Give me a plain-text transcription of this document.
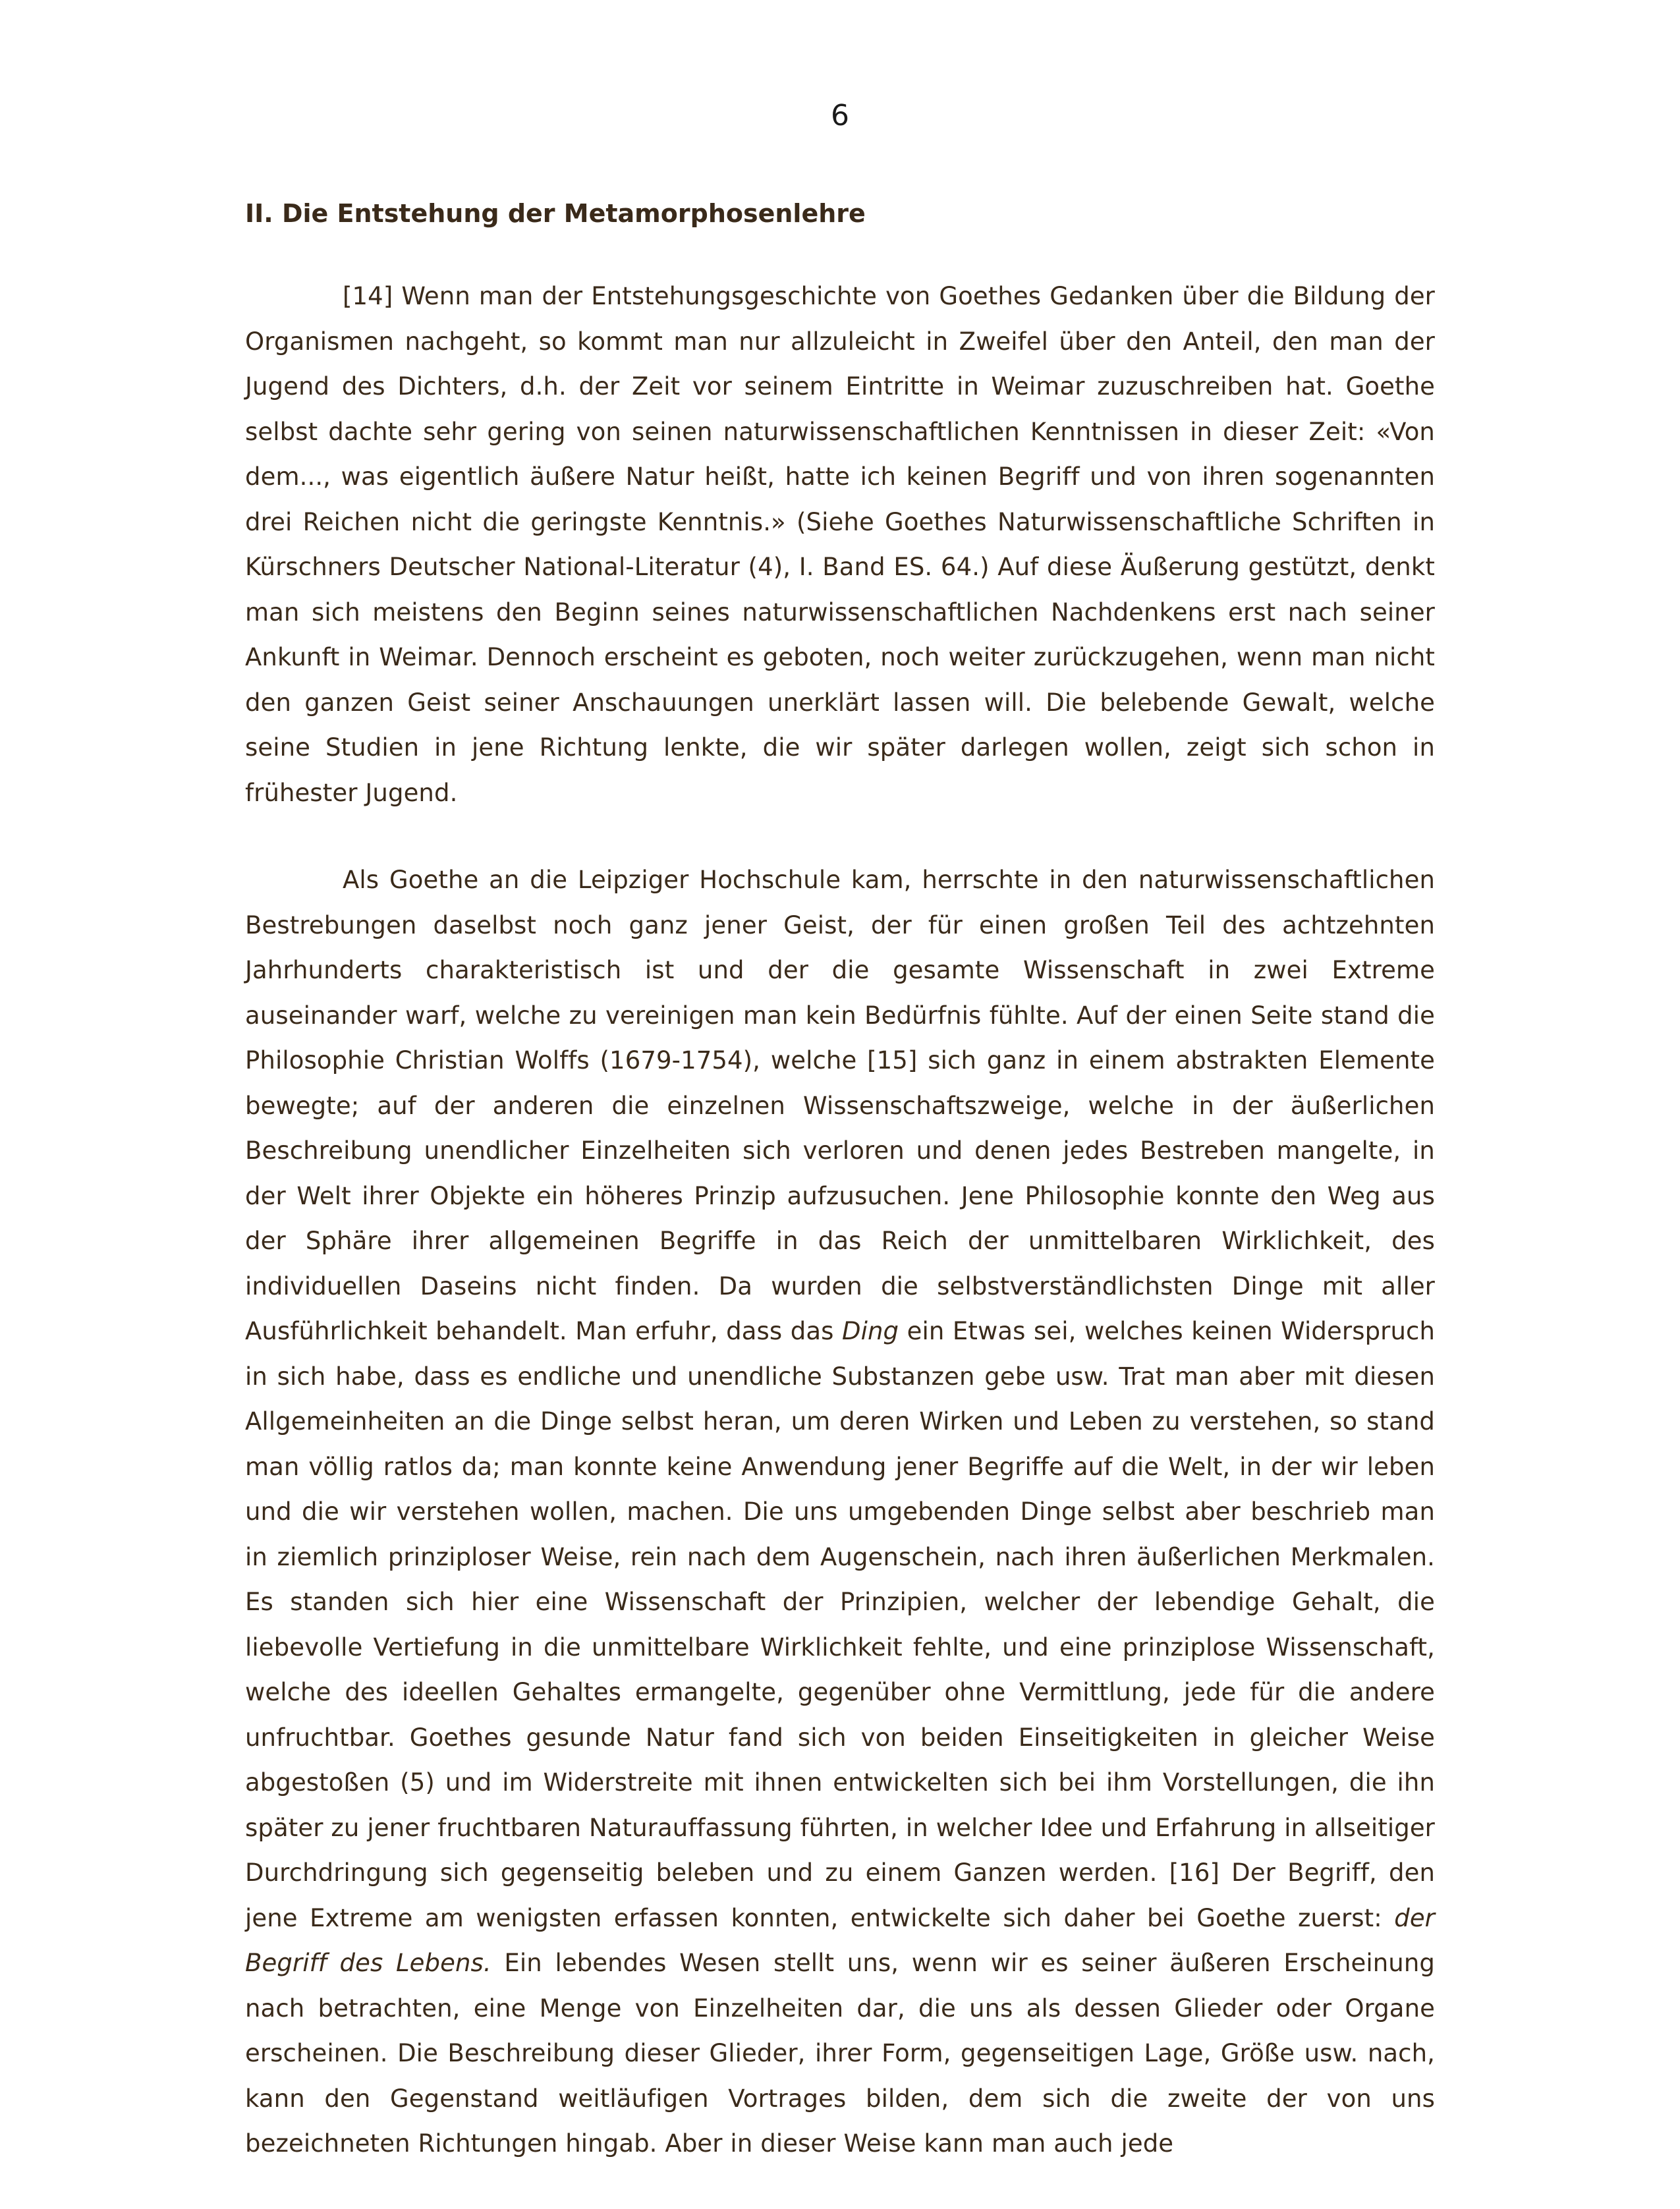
6
II. Die Entstehung der Metamorphosenlehre

[14] Wenn man der Entstehungsgeschichte von Goethes Gedanken über die Bildung der Organismen nachgeht, so kommt man nur allzuleicht in Zweifel über den Anteil, den man der Jugend des Dichters, d.h. der Zeit vor seinem Eintritte in Weimar zuzuschreiben hat. Goethe selbst dachte sehr gering von seinen naturwissenschaftlichen Kenntnissen in dieser Zeit: «Von dem..., was eigentlich äußere Natur heißt, hatte ich keinen Begriff und von ihren sogenannten drei Reichen nicht die geringste Kenntnis.» (Siehe Goethes Naturwissenschaftliche Schriften in Kürschners Deutscher National-Literatur (4), I. Band ES. 64.) Auf diese Äußerung gestützt, denkt man sich meistens den Beginn seines naturwissenschaftlichen Nachdenkens erst nach seiner Ankunft in Weimar. Dennoch erscheint es geboten, noch weiter zurückzugehen, wenn man nicht den ganzen Geist seiner Anschauungen unerklärt lassen will. Die belebende Gewalt, welche seine Studien in jene Richtung lenkte, die wir später darlegen wollen, zeigt sich schon in frühester Jugend.

Als Goethe an die Leipziger Hochschule kam, herrschte in den naturwissenschaftlichen Bestrebungen daselbst noch ganz jener Geist, der für einen großen Teil des achtzehnten Jahrhunderts charakteristisch ist und der die gesamte Wissenschaft in zwei Extreme auseinander warf, welche zu vereinigen man kein Bedürfnis fühlte. Auf der einen Seite stand die Philosophie Christian Wolffs (1679-1754), welche [15] sich ganz in einem abstrakten Elemente bewegte; auf der anderen die einzelnen Wissenschaftszweige, welche in der äußerlichen Beschreibung unendlicher Einzelheiten sich verloren und denen jedes Bestreben mangelte, in der Welt ihrer Objekte ein höheres Prinzip aufzusuchen. Jene Philosophie konnte den Weg aus der Sphäre ihrer allgemeinen Begriffe in das Reich der unmittelbaren Wirklichkeit, des individuellen Daseins nicht finden. Da wurden die selbstverständlichsten Dinge mit aller Ausführlichkeit behandelt. Man erfuhr, dass das Ding ein Etwas sei, welches keinen Widerspruch in sich habe, dass es endliche und unendliche Substanzen gebe usw. Trat man aber mit diesen Allgemeinheiten an die Dinge selbst heran, um deren Wirken und Leben zu verstehen, so stand man völlig ratlos da; man konnte keine Anwendung jener Begriffe auf die Welt, in der wir leben und die wir verstehen wollen, machen. Die uns umgebenden Dinge selbst aber beschrieb man in ziemlich prinziploser Weise, rein nach dem Augenschein, nach ihren äußerlichen Merkmalen. Es standen sich hier eine Wissenschaft der Prinzipien, welcher der lebendige Gehalt, die liebevolle Vertiefung in die unmittelbare Wirklichkeit fehlte, und eine prinziplose Wissenschaft, welche des ideellen Gehaltes ermangelte, gegenüber ohne Vermittlung, jede für die andere unfruchtbar. Goethes gesunde Natur fand sich von beiden Einseitigkeiten in gleicher Weise abgestoßen (5) und im Widerstreite mit ihnen entwickelten sich bei ihm Vorstellungen, die ihn später zu jener fruchtbaren Naturauffassung führten, in welcher Idee und Erfahrung in allseitiger Durchdringung sich gegenseitig beleben und zu einem Ganzen werden. [16] Der Begriff, den jene Extreme am wenigsten erfassen konnten, entwickelte sich daher bei Goethe zuerst: der Begriff des Lebens. Ein lebendes Wesen stellt uns, wenn wir es seiner äußeren Erscheinung nach betrachten, eine Menge von Einzelheiten dar, die uns als dessen Glieder oder Organe erscheinen. Die Beschreibung dieser Glieder, ihrer Form, gegenseitigen Lage, Größe usw. nach, kann den Gegenstand weitläufigen Vortrages bilden, dem sich die zweite der von uns bezeichneten Richtungen hingab. Aber in dieser Weise kann man auch jede
